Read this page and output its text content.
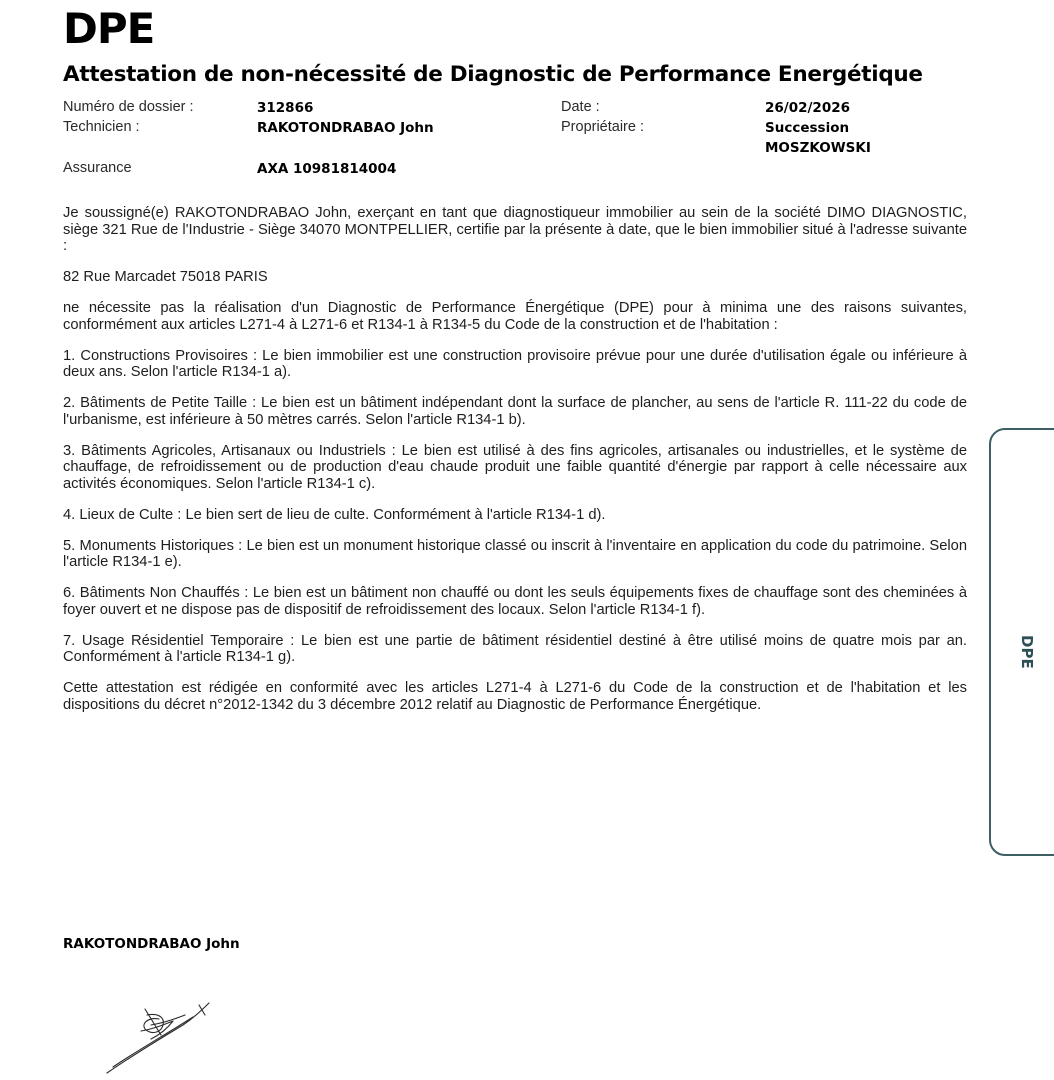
DPE
Attestation de non-nécessité de Diagnostic de Performance Energétique
Numéro de dossier :	312866	Date :	26/02/2026
Technicien :	RAKOTONDRABAO John	Propriétaire :	Succession
MOSZKOWSKI
Assurance	AXA 10981814004

Je soussigné(e) RAKOTONDRABAO John, exerçant en tant que diagnostiqueur immobilier au sein de la société DIMO DIAGNOSTIC, siège 321 Rue de l'Industrie - Siège 34070 MONTPELLIER, certifie par la présente à date, que le bien immobilier situé à l'adresse suivante :

82 Rue Marcadet 75018 PARIS

ne nécessite pas la réalisation d'un Diagnostic de Performance Énergétique (DPE) pour à minima une des raisons suivantes, conformément aux articles L271-4 à L271-6 et R134-1 à R134-5 du Code de la construction et de l'habitation :

1. Constructions Provisoires : Le bien immobilier est une construction provisoire prévue pour une durée d'utilisation égale ou inférieure à deux ans. Selon l'article R134-1 a).

2. Bâtiments de Petite Taille : Le bien est un bâtiment indépendant dont la surface de plancher, au sens de l'article R. 111-22 du code de l'urbanisme, est inférieure à 50 mètres carrés. Selon l'article R134-1 b).

3. Bâtiments Agricoles, Artisanaux ou Industriels : Le bien est utilisé à des fins agricoles, artisanales ou industrielles, et le système de chauffage, de refroidissement ou de production d'eau chaude produit une faible quantité d'énergie par rapport à celle nécessaire aux activités économiques. Selon l'article R134-1 c).

4. Lieux de Culte : Le bien sert de lieu de culte. Conformément à l'article R134-1 d).

5. Monuments Historiques : Le bien est un monument historique classé ou inscrit à l'inventaire en application du code du patrimoine. Selon l'article R134-1 e).

6. Bâtiments Non Chauffés : Le bien est un bâtiment non chauffé ou dont les seuls équipements fixes de chauffage sont des cheminées à foyer ouvert et ne dispose pas de dispositif de refroidissement des locaux. Selon l'article R134-1 f).

7. Usage Résidentiel Temporaire : Le bien est une partie de bâtiment résidentiel destiné à être utilisé moins de quatre mois par an. Conformément à l'article R134-1 g).

Cette attestation est rédigée en conformité avec les articles L271-4 à L271-6 du Code de la construction et de l'habitation et les dispositions du décret n°2012-1342 du 3 décembre 2012 relatif au Diagnostic de Performance Énergétique.

RAKOTONDRABAO John
DPE
